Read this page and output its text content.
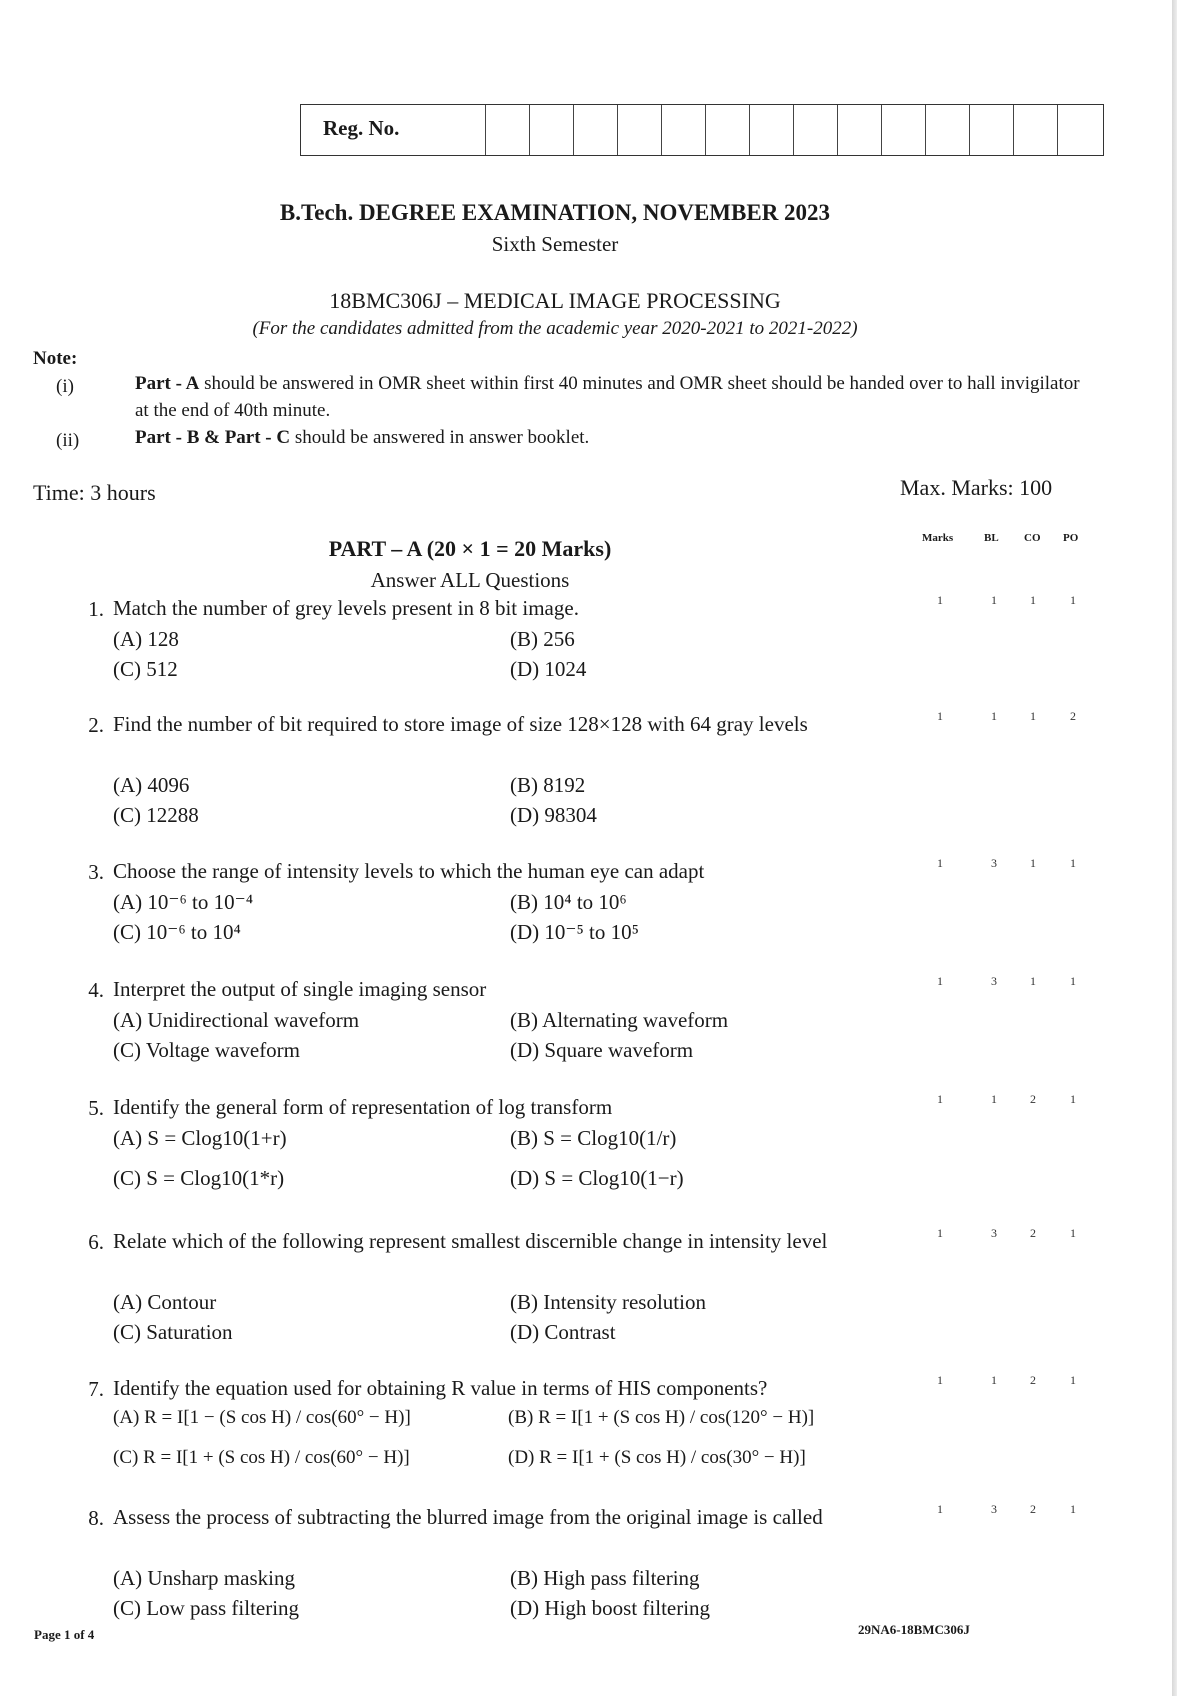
Reg. No.
B.Tech. DEGREE EXAMINATION, NOVEMBER 2023
Sixth Semester
18BMC306J – MEDICAL IMAGE PROCESSING
(For the candidates admitted from the academic year 2020-2021 to 2021-2022)
Note:
(i)	Part - A should be answered in OMR sheet within first 40 minutes and OMR sheet should be handed over to hall invigilator at the end of 40th minute.
(ii)	Part - B & Part - C should be answered in answer booklet.
Time: 3 hours	Max. Marks: 100
Marks	BL CO PO
PART – A (20 × 1 = 20 Marks)
Answer ALL Questions
1. Match the number of grey levels present in 8 bit image.
(A) 128	(B) 256
(C) 512	(D) 1024
1	1	1	1
2. Find the number of bit required to store image of size 128×128 with 64 gray levels
(A) 4096	(B) 8192
(C) 12288	(D) 98304
1	1	1	2
3. Choose the range of intensity levels to which the human eye can adapt
(A) 10⁻⁶ to 10⁻⁴	(B) 10⁴ to 10⁶
(C) 10⁻⁶ to 10⁴	(D) 10⁻⁵ to 10⁵
1	3	1	1
4. Interpret the output of single imaging sensor
(A) Unidirectional waveform	(B) Alternating waveform
(C) Voltage waveform	(D) Square waveform
1	3	1	1
5. Identify the general form of representation of log transform
(A) S = Clog10(1+r)	(B) S = Clog10(1/r)
(C) S = Clog10(1*r)	(D) S = Clog10(1−r)
1	1	2	1
6. Relate which of the following represent smallest discernible change in intensity level
(A) Contour	(B) Intensity resolution
(C) Saturation	(D) Contrast
1	3	2	1
7. Identify the equation used for obtaining R value in terms of HIS components?
(A) R = I[1 − (S cos H) / cos(60° − H)]	(B) R = I[1 + (S cos H) / cos(120° − H)]
(C) R = I[1 + (S cos H) / cos(60° − H)]	(D) R = I[1 + (S cos H) / cos(30° − H)]
1	1	2	1
8. Assess the process of subtracting the blurred image from the original image is called
(A) Unsharp masking	(B) High pass filtering
(C) Low pass filtering	(D) High boost filtering
1	3	2	1
Page 1 of 4	29NA6-18BMC306J
